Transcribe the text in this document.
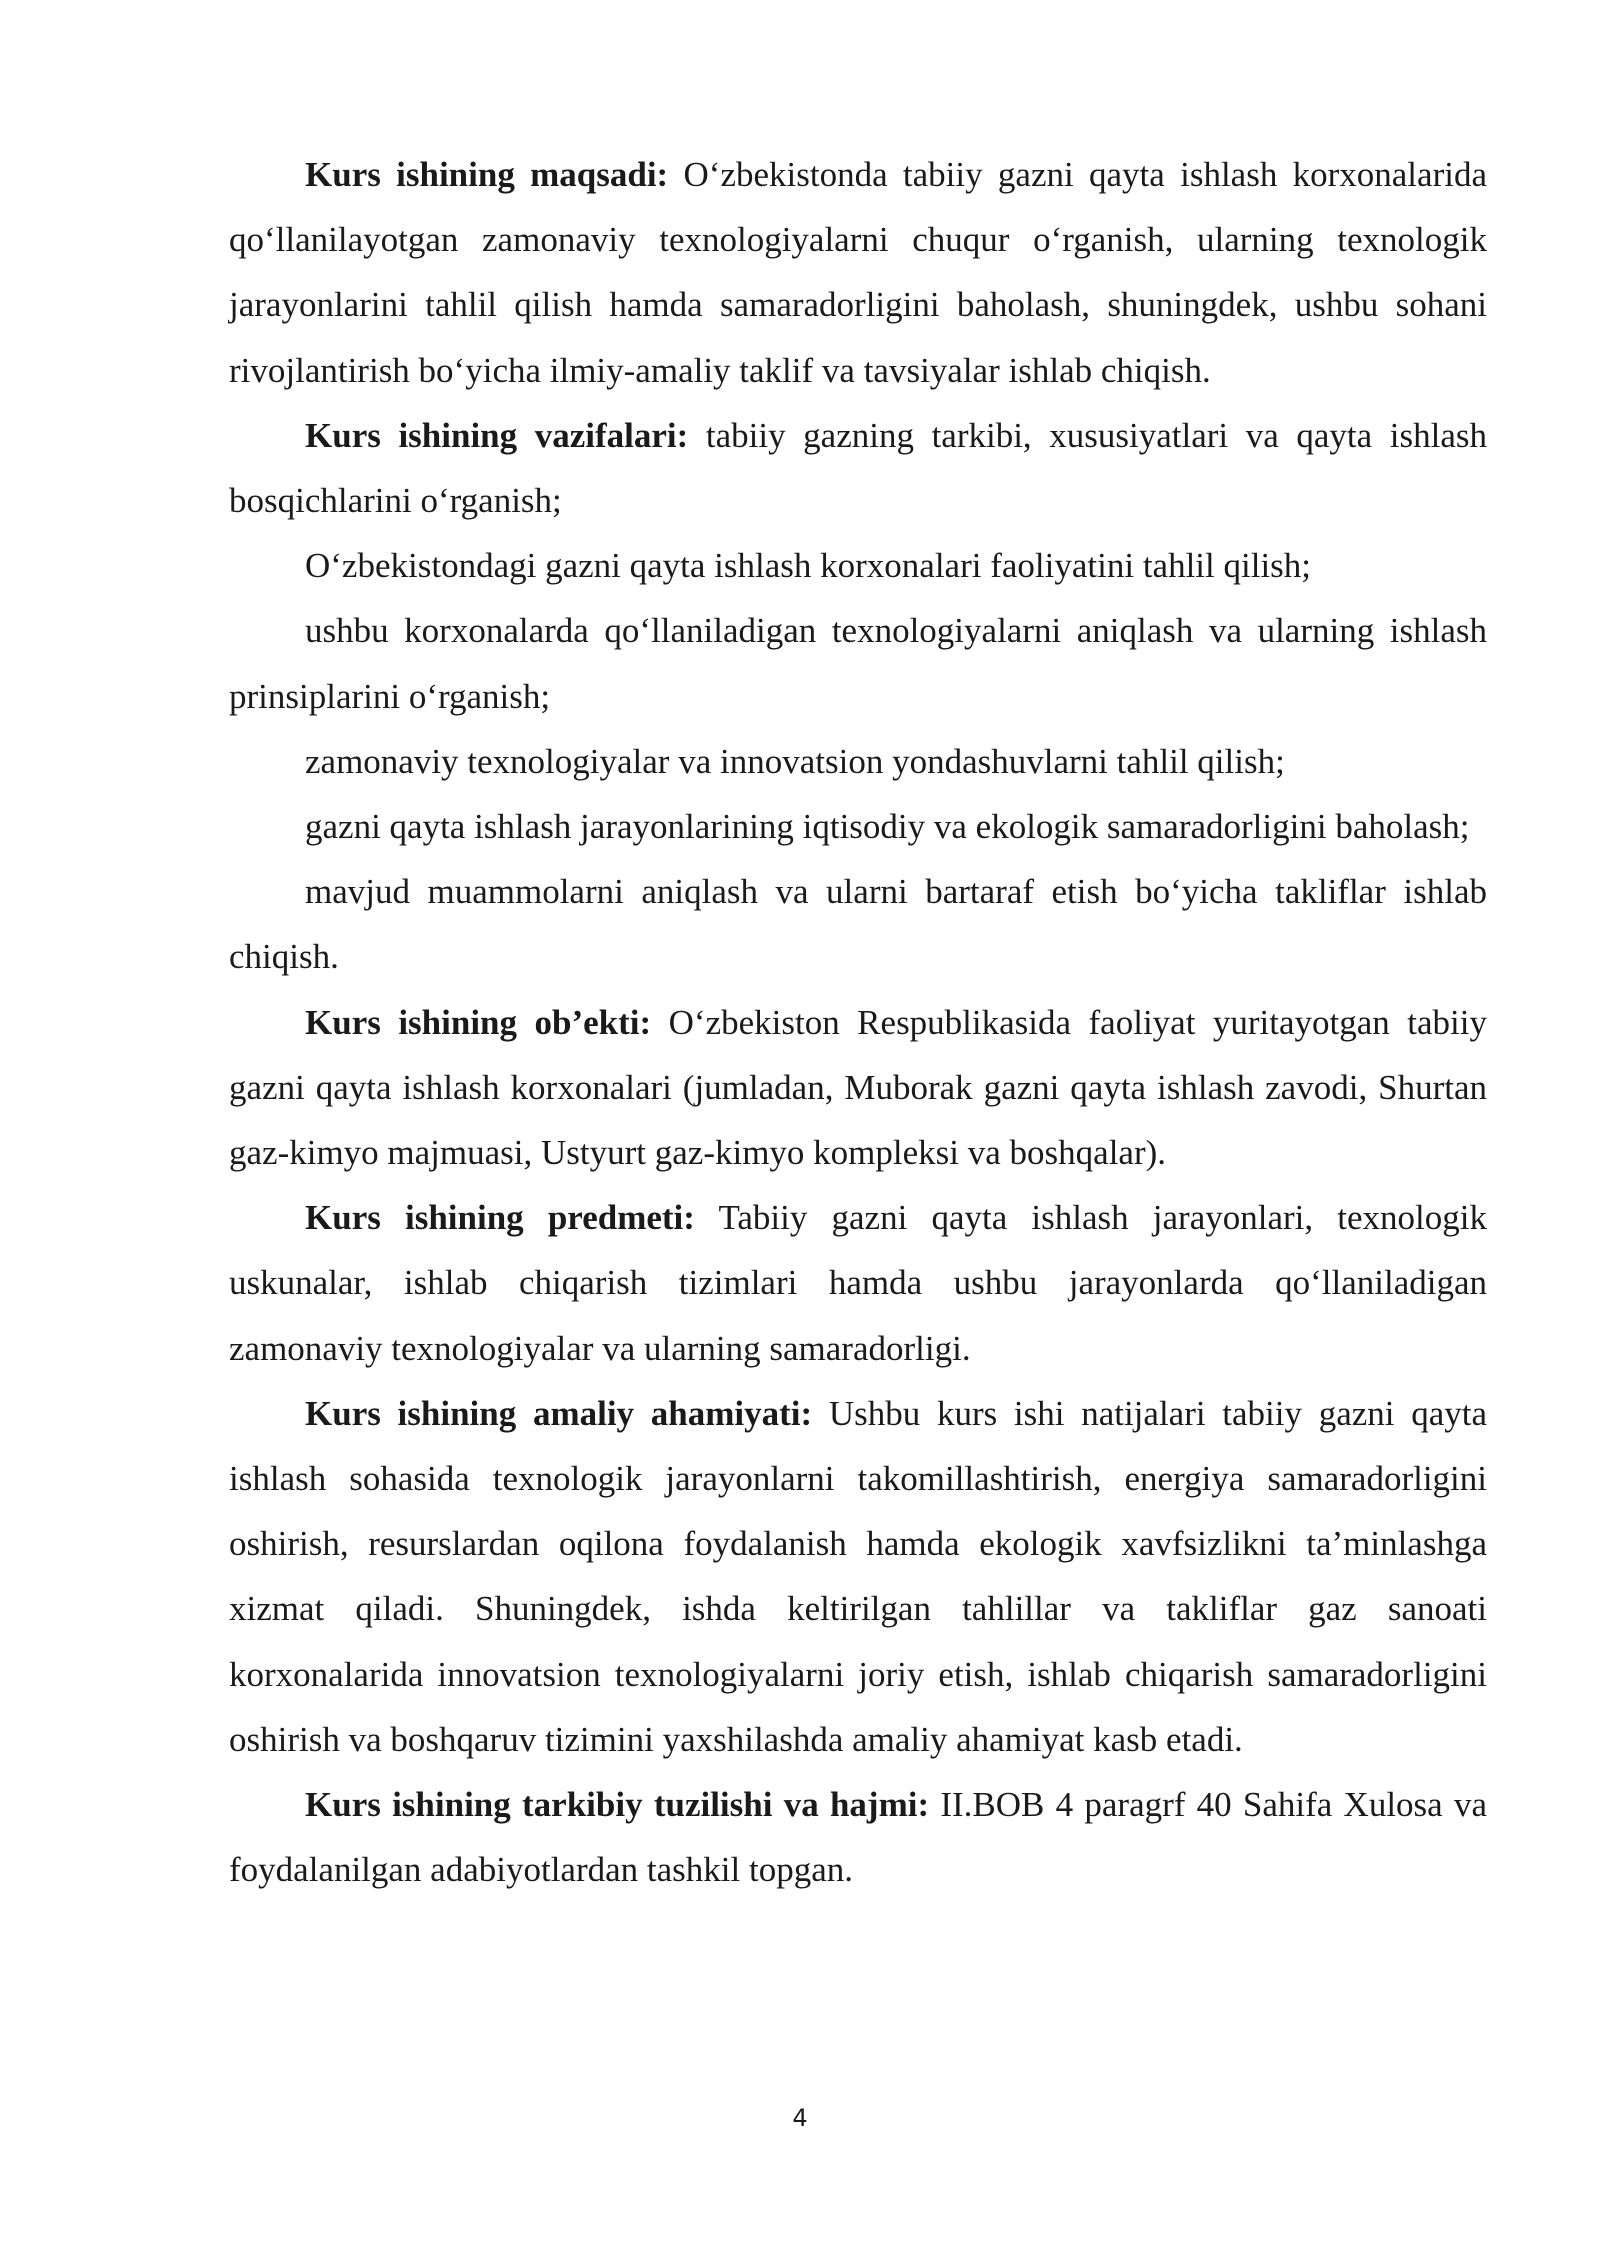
Kurs ishining maqsadi: O‘zbekistonda tabiiy gazni qayta ishlash korxonalarida qo‘llanilayotgan zamonaviy texnologiyalarni chuqur o‘rganish, ularning texnologik jarayonlarini tahlil qilish hamda samaradorligini baholash, shuningdek, ushbu sohani rivojlantirish bo‘yicha ilmiy-amaliy taklif va tavsiyalar ishlab chiqish.

Kurs ishining vazifalari: tabiiy gazning tarkibi, xususiyatlari va qayta ishlash bosqichlarini o‘rganish;

O‘zbekistondagi gazni qayta ishlash korxonalari faoliyatini tahlil qilish;

ushbu korxonalarda qo‘llaniladigan texnologiyalarni aniqlash va ularning ishlash prinsiplarini o‘rganish;

zamonaviy texnologiyalar va innovatsion yondashuvlarni tahlil qilish;

gazni qayta ishlash jarayonlarining iqtisodiy va ekologik samaradorligini baholash;

mavjud muammolarni aniqlash va ularni bartaraf etish bo‘yicha takliflar ishlab chiqish.

Kurs ishining ob’ekti: O‘zbekiston Respublikasida faoliyat yuritayotgan tabiiy gazni qayta ishlash korxonalari (jumladan, Muborak gazni qayta ishlash zavodi, Shurtan gaz-kimyo majmuasi, Ustyurt gaz-kimyo kompleksi va boshqalar).

Kurs ishining predmeti: Tabiiy gazni qayta ishlash jarayonlari, texnologik uskunalar, ishlab chiqarish tizimlari hamda ushbu jarayonlarda qo‘llaniladigan zamonaviy texnologiyalar va ularning samaradorligi.

Kurs ishining amaliy ahamiyati: Ushbu kurs ishi natijalari tabiiy gazni qayta ishlash sohasida texnologik jarayonlarni takomillashtirish, energiya samaradorligini oshirish, resurslardan oqilona foydalanish hamda ekologik xavfsizlikni ta’minlashga xizmat qiladi. Shuningdek, ishda keltirilgan tahlillar va takliflar gaz sanoati korxonalarida innovatsion texnologiyalarni joriy etish, ishlab chiqarish samaradorligini oshirish va boshqaruv tizimini yaxshilashda amaliy ahamiyat kasb etadi.

Kurs ishining tarkibiy tuzilishi va hajmi: II.BOB 4 paragrf 40 Sahifa Xulosa va foydalanilgan adabiyotlardan tashkil topgan.

4
